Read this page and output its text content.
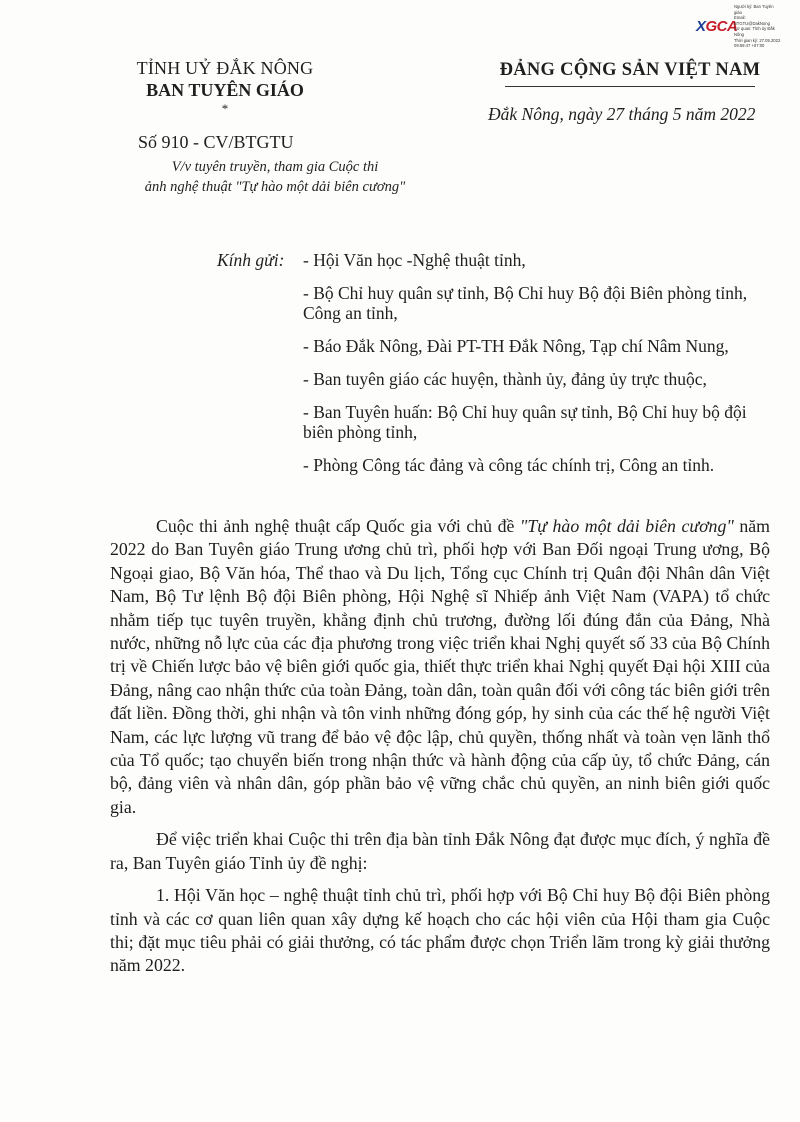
XGCA
Người ký: Ban Tuyên
giáo
Email:
BTGTU@DakNong
Cơ quan: Tỉnh ủy Đắk
Nông
Thời gian ký: 27.05.2022
09:59:47 +07:00
TỈNH UỶ ĐẮK NÔNG
BAN TUYÊN GIÁO
*
ĐẢNG CỘNG SẢN VIỆT NAM
Đắk Nông, ngày 27 tháng 5 năm 2022
Số 910 - CV/BTGTU
V/v tuyên truyền, tham gia Cuộc thi
ảnh nghệ thuật "Tự hào một dải biên cương"
Kính gửi: - Hội Văn học -Nghệ thuật tỉnh,
- Bộ Chỉ huy quân sự tỉnh, Bộ Chỉ huy Bộ đội Biên phòng tỉnh, Công an tỉnh,
- Báo Đắk Nông, Đài PT-TH Đắk Nông, Tạp chí Nâm Nung,
- Ban tuyên giáo các huyện, thành ủy, đảng ủy trực thuộc,
- Ban Tuyên huấn: Bộ Chỉ huy quân sự tỉnh, Bộ Chỉ huy bộ đội biên phòng tỉnh,
- Phòng Công tác đảng và công tác chính trị, Công an tỉnh.

Cuộc thi ảnh nghệ thuật cấp Quốc gia với chủ đề "Tự hào một dải biên cương" năm 2022 do Ban Tuyên giáo Trung ương chủ trì, phối hợp với Ban Đối ngoại Trung ương, Bộ Ngoại giao, Bộ Văn hóa, Thể thao và Du lịch, Tổng cục Chính trị Quân đội Nhân dân Việt Nam, Bộ Tư lệnh Bộ đội Biên phòng, Hội Nghệ sĩ Nhiếp ảnh Việt Nam (VAPA) tổ chức nhằm tiếp tục tuyên truyền, khẳng định chủ trương, đường lối đúng đắn của Đảng, Nhà nước, những nỗ lực của các địa phương trong việc triển khai Nghị quyết số 33 của Bộ Chính trị về Chiến lược bảo vệ biên giới quốc gia, thiết thực triển khai Nghị quyết Đại hội XIII của Đảng, nâng cao nhận thức của toàn Đảng, toàn dân, toàn quân đối với công tác biên giới trên đất liền. Đồng thời, ghi nhận và tôn vinh những đóng góp, hy sinh của các thế hệ người Việt Nam, các lực lượng vũ trang để bảo vệ độc lập, chủ quyền, thống nhất và toàn vẹn lãnh thổ của Tổ quốc; tạo chuyển biến trong nhận thức và hành động của cấp ủy, tổ chức Đảng, cán bộ, đảng viên và nhân dân, góp phần bảo vệ vững chắc chủ quyền, an ninh biên giới quốc gia.

Để việc triển khai Cuộc thi trên địa bàn tỉnh Đắk Nông đạt được mục đích, ý nghĩa đề ra, Ban Tuyên giáo Tỉnh ủy đề nghị:

1. Hội Văn học – nghệ thuật tỉnh chủ trì, phối hợp với Bộ Chỉ huy Bộ đội Biên phòng tỉnh và các cơ quan liên quan xây dựng kế hoạch cho các hội viên của Hội tham gia Cuộc thi; đặt mục tiêu phải có giải thưởng, có tác phẩm được chọn Triển lãm trong kỳ giải thưởng năm 2022.
